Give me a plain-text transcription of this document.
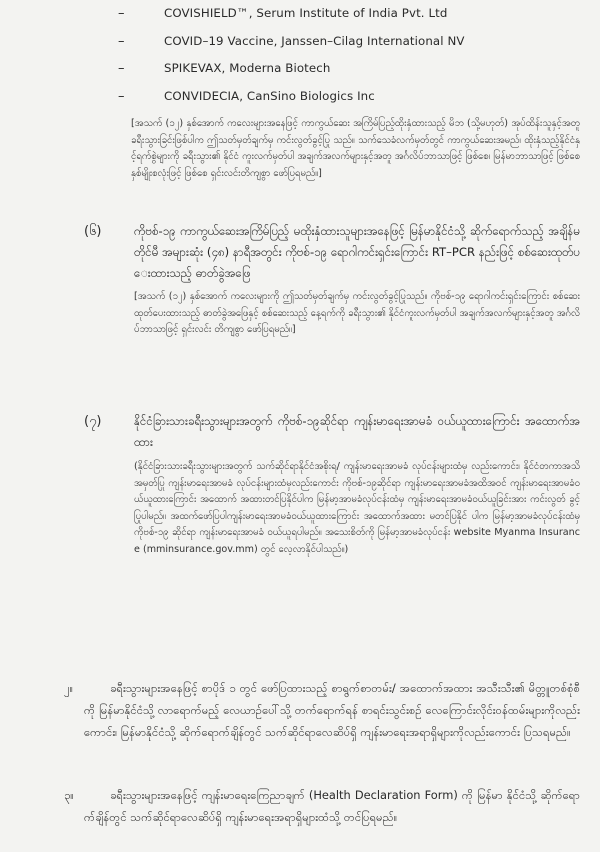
–	COVISHIELD™, Serum Institute of India Pvt. Ltd
–	COVID–19 Vaccine, Janssen–Cilag International NV
–	SPIKEVAX, Moderna Biotech
–	CONVIDECIA, CanSino Biologics Inc

[အသက် (၁၂) နှစ်အောက် ကလေးများအနေဖြင့် ကာကွယ်ဆေး အကြိမ်ပြည့်ထိုးနှံထားသည့် မိဘ (သို့မဟုတ်) အုပ်ထိန်းသူနှင့်အတူ ခရီးသွားခြင်းဖြစ်ပါက ဤသတ်မှတ်ချက်မှ ကင်းလွတ်ခွင့်ပြု သည်။ သက်သေခံလက်မှတ်တွင် ကာကွယ်ဆေးအမည်၊ ထိုးနှံသည့်နိုင်ငံနှင့်ရက်စွဲများကို ခရီးသွား၏ နိုင်ငံ ကူးလက်မှတ်ပါ အချက်အလက်များနှင့်အတူ အင်္ဂလိပ်ဘာသာဖြင့် ဖြစ်စေ၊ မြန်မာဘာသာဖြင့် ဖြစ်စေ နှစ်မျိုးစလုံးဖြင့် ဖြစ်စေ ရှင်းလင်းတိကျစွာ ဖော်ပြရမည်။]

(၆)	ကိုဗစ်-၁၉ ကာကွယ်ဆေးအကြိမ်ပြည့် မထိုးနှံထားသူများအနေဖြင့် မြန်မာနိုင်ငံသို့ ဆိုက်ရောက်သည့် အချိန်မတိုင်မီ အများဆုံး (၄၈) နာရီအတွင်း ကိုဗစ်-၁၉ ရောဂါကင်းရှင်းကြောင်း RT–PCR နည်းဖြင့် စစ်ဆေးထုတ်ပေးထားသည့် ဓာတ်ခွဲအဖြေ

[အသက် (၁၂) နှစ်အောက် ကလေးများကို ဤသတ်မှတ်ချက်မှ ကင်းလွတ်ခွင့်ပြုသည်။ ကိုဗစ်-၁၉ ရောဂါကင်းရှင်းကြောင်း စစ်ဆေးထုတ်ပေးထားသည့် ဓာတ်ခွဲအဖြေနှင့် စစ်ဆေးသည့် နေ့ရက်ကို ခရီးသွား၏ နိုင်ငံကူးလက်မှတ်ပါ အချက်အလက်များနှင့်အတူ အင်္ဂလိပ်ဘာသာဖြင့် ရှင်းလင်း တိကျစွာ ဖော်ပြရမည်။]

(၇)	နိုင်ငံခြားသားခရီးသွားများအတွက် ကိုဗစ်-၁၉ဆိုင်ရာ ကျန်းမာရေးအာမခံ ဝယ်ယူထားကြောင်း အထောက်အထား

(နိုင်ငံခြားသားခရီးသွားများအတွက် သက်ဆိုင်ရာနိုင်ငံအစိုးရ/ ကျန်းမာရေးအာမခံ လုပ်ငန်းများထံမှ လည်းကောင်း၊ နိုင်ငံတကာအသိအမှတ်ပြု ကျန်းမာရေးအာမခံ လုပ်ငန်းများထံမှလည်းကောင်း ကိုဗစ်-၁၉ဆိုင်ရာ ကျန်းမာရေးအာမခံအထိအဝင် ကျန်းမာရေးအာမခံဝယ်ယူထားကြောင်း အထောက် အထားတင်ပြနိုင်ပါက မြန်မာ့အာမခံလုပ်ငန်းထံမှ ကျန်းမာရေးအာမခံဝယ်ယူခြင်းအား ကင်းလွတ် ခွင့်ပြုပါမည်။ အထက်ဖော်ပြပါကျန်းမာရေးအာမခံဝယ်ယူထားကြောင်း အထောက်အထား မတင်ပြနိုင် ပါက မြန်မာ့အာမခံလုပ်ငန်းထံမှ ကိုဗစ်-၁၉ ဆိုင်ရာ ကျန်းမာရေးအာမခံ ဝယ်ယူရပါမည်။ အသေးစိတ်ကို မြန်မာ့အာမခံလုပ်ငန်း website Myanma Insurance (mminsurance.gov.mm) တွင် လေ့လာနိုင်ပါသည်။)

၂။	ခရီးသွားများအနေဖြင့် စာပိုဒ် ၁ တွင် ဖော်ပြထားသည့် စာရွက်စာတမ်း/ အထောက်အထား အသီးသီး၏ မိတ္တူတစ်စုံစီကို မြန်မာနိုင်ငံသို့ လာရောက်မည့် လေယာဉ်ပေါ်သို့ တက်ရောက်ရန် စာရင်းသွင်းစဉ် လေကြောင်းလိုင်းဝန်ထမ်းများကိုလည်းကောင်း၊ မြန်မာနိုင်ငံသို့ ဆိုက်ရောက်ချိန်တွင် သက်ဆိုင်ရာလေဆိပ်ရှိ ကျန်းမာရေးအရာရှိများကိုလည်းကောင်း ပြသရမည်။
၃။	ခရီးသွားများအနေဖြင့် ကျန်းမာရေးကြေညာချက် (Health Declaration Form) ကို မြန်မာ နိုင်ငံသို့ ဆိုက်ရောက်ချိန်တွင် သက်ဆိုင်ရာလေဆိပ်ရှိ ကျန်းမာရေးအရာရှိများထံသို့ တင်ပြရမည်။
